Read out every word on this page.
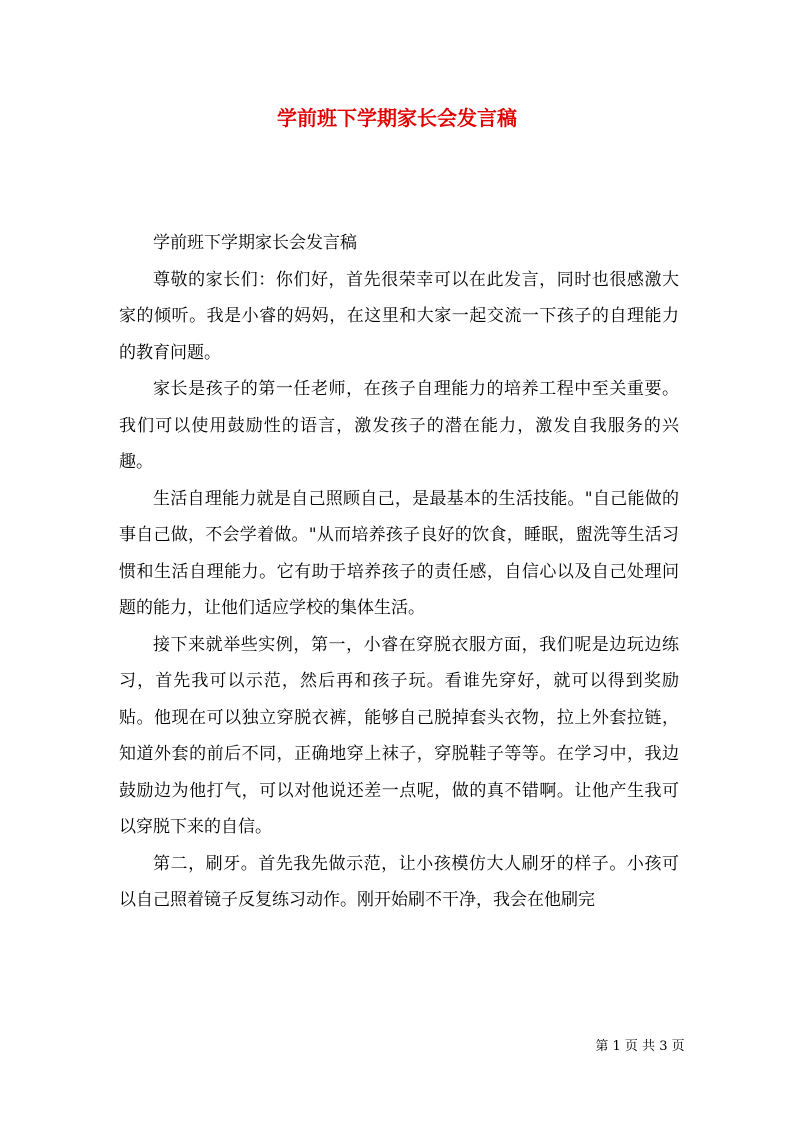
学前班下学期家长会发言稿

学前班下学期家长会发言稿

尊敬的家长们：你们好，首先很荣幸可以在此发言，同时也很感激大家的倾听。我是小睿的妈妈，在这里和大家一起交流一下孩子的自理能力的教育问题。

家长是孩子的第一任老师，在孩子自理能力的培养工程中至关重要。我们可以使用鼓励性的语言，激发孩子的潜在能力，激发自我服务的兴趣。

生活自理能力就是自己照顾自己，是最基本的生活技能。"自己能做的事自己做，不会学着做。"从而培养孩子良好的饮食，睡眠，盥洗等生活习惯和生活自理能力。它有助于培养孩子的责任感，自信心以及自己处理问题的能力，让他们适应学校的集体生活。

接下来就举些实例，第一，小睿在穿脱衣服方面，我们呢是边玩边练习，首先我可以示范，然后再和孩子玩。看谁先穿好，就可以得到奖励贴。他现在可以独立穿脱衣裤，能够自己脱掉套头衣物，拉上外套拉链，知道外套的前后不同，正确地穿上袜子，穿脱鞋子等等。在学习中，我边鼓励边为他打气，可以对他说还差一点呢，做的真不错啊。让他产生我可以穿脱下来的自信。

第二，刷牙。首先我先做示范，让小孩模仿大人刷牙的样子。小孩可以自己照着镜子反复练习动作。刚开始刷不干净，我会在他刷完

第 1 页 共 3 页
